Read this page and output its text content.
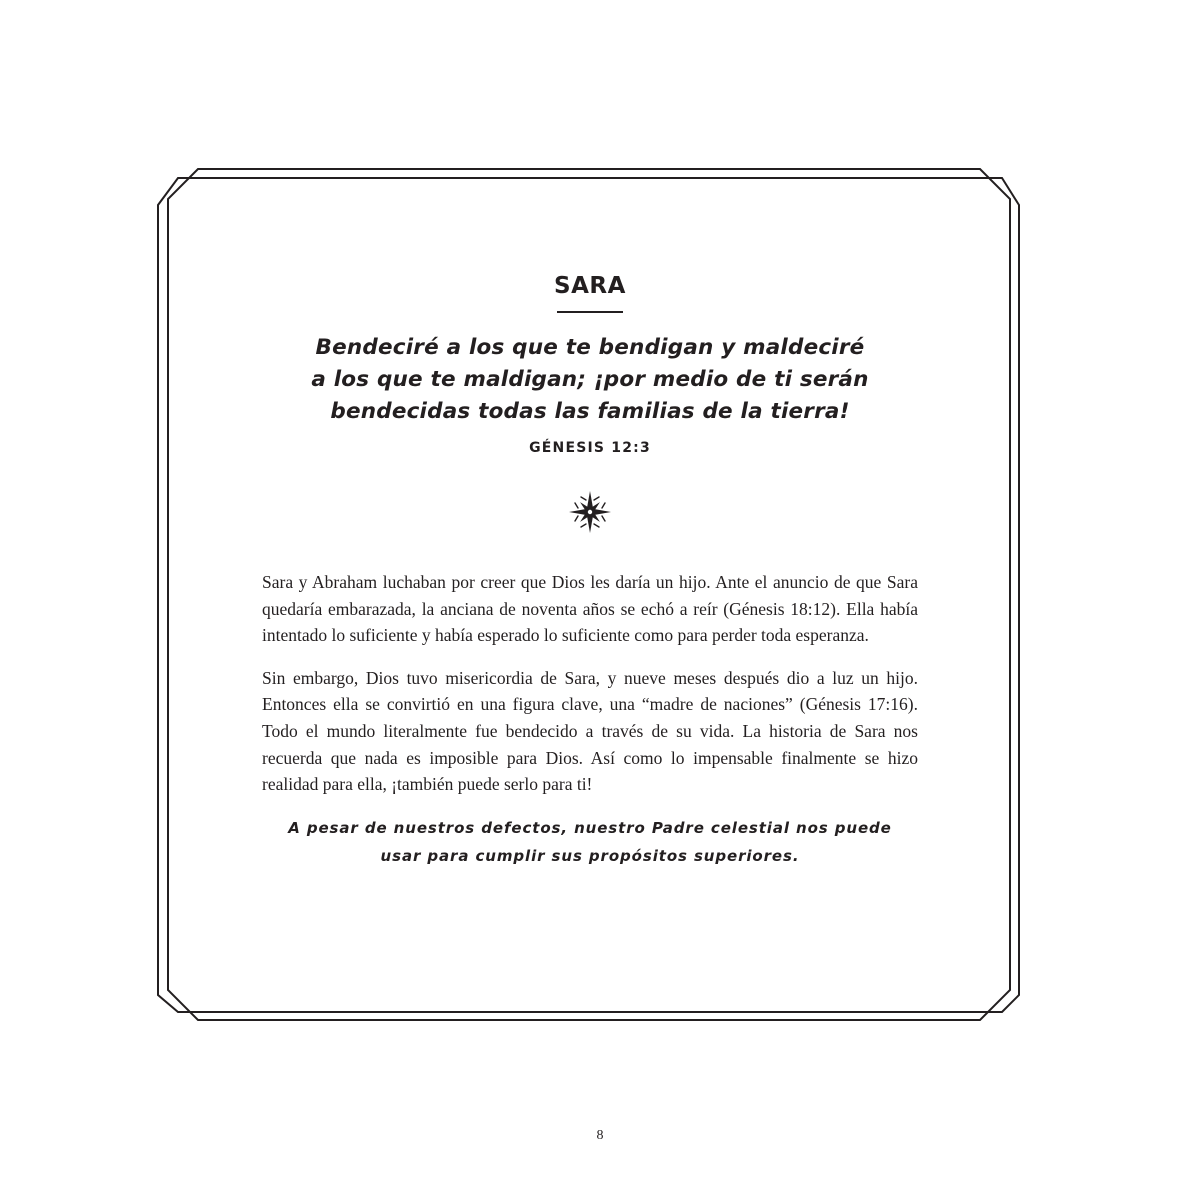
SARA

Bendeciré a los que te bendigan y maldeciré
a los que te maldigan; ¡por medio de ti serán
bendecidas todas las familias de la tierra!

GÉNESIS 12:3

Sara y Abraham luchaban por creer que Dios les daría un hijo. Ante el anuncio de que Sara quedaría embarazada, la anciana de noventa años se echó a reír (Génesis 18:12). Ella había intentado lo suficiente y había esperado lo suficiente como para perder toda esperanza.

Sin embargo, Dios tuvo misericordia de Sara, y nueve meses después dio a luz un hijo. Entonces ella se convirtió en una figura clave, una “madre de naciones” (Génesis 17:16). Todo el mundo literalmente fue bendecido a través de su vida. La historia de Sara nos recuerda que nada es imposible para Dios. Así como lo impensable finalmente se hizo realidad para ella, ¡también puede serlo para ti!

A pesar de nuestros defectos, nuestro Padre celestial nos puede
usar para cumplir sus propósitos superiores.

8
